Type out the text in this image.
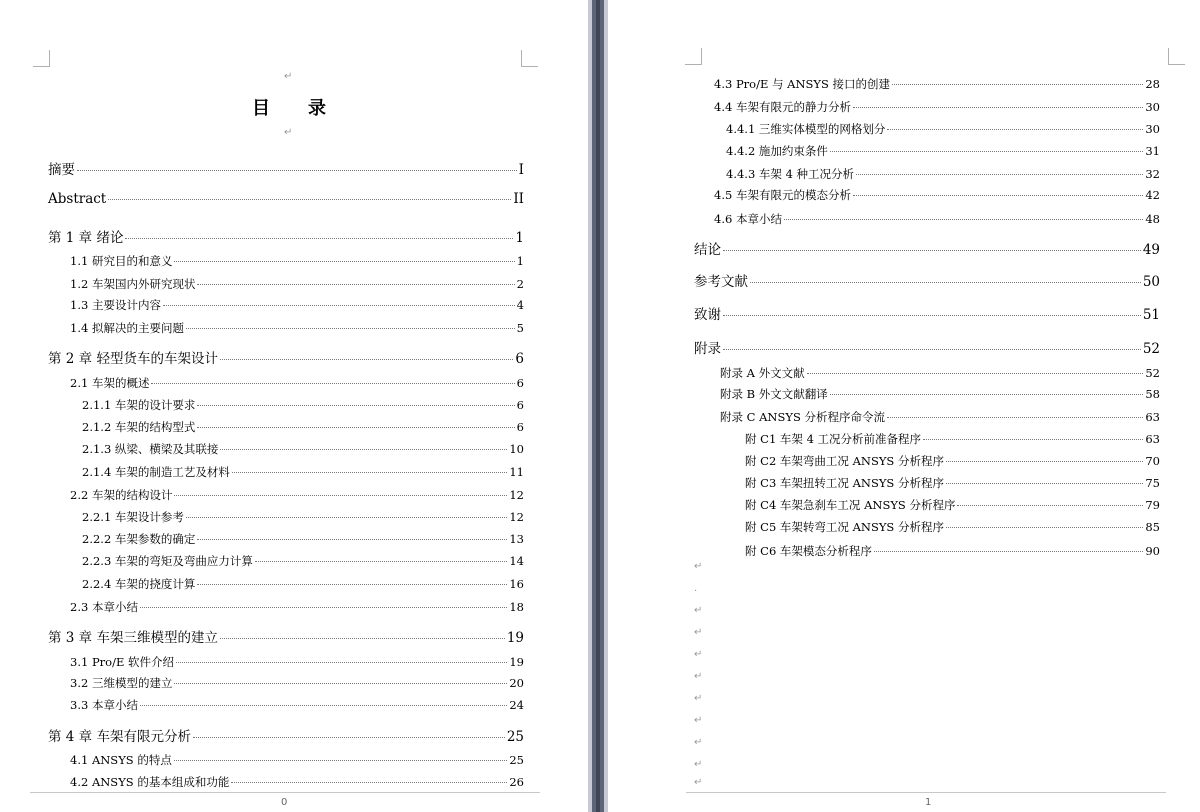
↵
目　录
↵
摘要	I
Abstract	II
第 1 章 绪论	1
1.1 研究目的和意义	1
1.2 车架国内外研究现状	2
1.3 主要设计内容	4
1.4 拟解决的主要问题	5
第 2 章 轻型货车的车架设计	6
2.1 车架的概述	6
2.1.1 车架的设计要求	6
2.1.2 车架的结构型式	6
2.1.3 纵梁、横梁及其联接	10
2.1.4 车架的制造工艺及材料	11
2.2 车架的结构设计	12
2.2.1 车架设计参考	12
2.2.2 车架参数的确定	13
2.2.3 车架的弯矩及弯曲应力计算	14
2.2.4 车架的挠度计算	16
2.3 本章小结	18
第 3 章 车架三维模型的建立	19
3.1 Pro/E 软件介绍	19
3.2 三维模型的建立	20
3.3 本章小结	24
第 4 章 车架有限元分析	25
4.1 ANSYS 的特点	25
4.2 ANSYS 的基本组成和功能	26
0
4.3 Pro/E 与 ANSYS 接口的创建	28
4.4 车架有限元的静力分析	30
4.4.1 三维实体模型的网格划分	30
4.4.2 施加约束条件	31
4.4.3 车架 4 种工况分析	32
4.5 车架有限元的模态分析	42
4.6 本章小结	48
结论	49
参考文献	50
致谢	51
附录	52
附录 A 外文文献	52
附录 B 外文文献翻译	58
附录 C ANSYS 分析程序命令流	63
附 C1 车架 4 工况分析前准备程序	63
附 C2 车架弯曲工况 ANSYS 分析程序	70
附 C3 车架扭转工况 ANSYS 分析程序	75
附 C4 车架急刹车工况 ANSYS 分析程序	79
附 C5 车架转弯工况 ANSYS 分析程序	85
附 C6 车架模态分析程序	90
↵
.
↵
↵
↵
↵
↵
↵
↵
↵
↵
1
